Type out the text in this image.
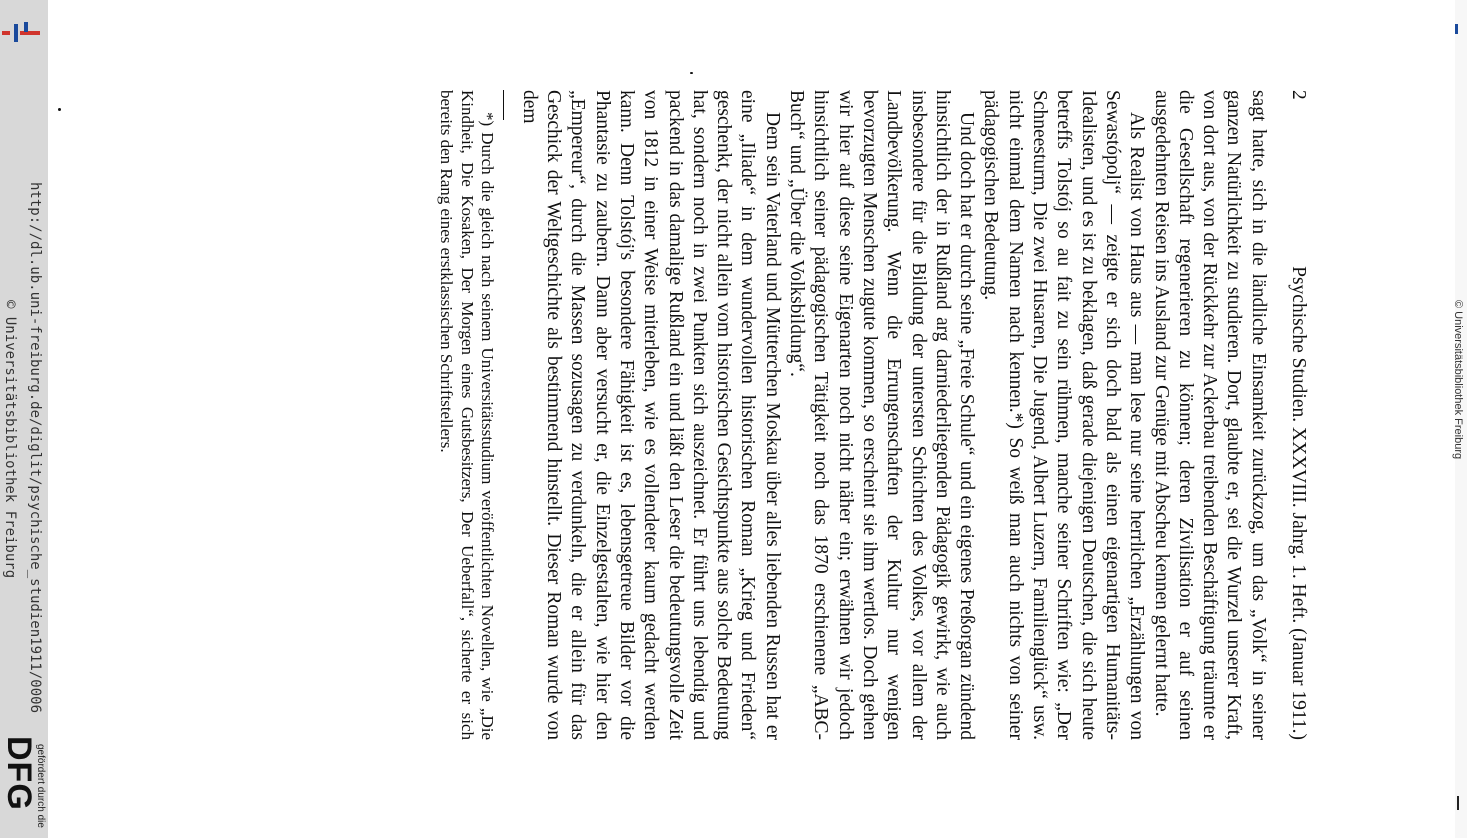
http://dl.ub.uni-freiburg.de/diglit/psychische_studien1911/0006
© Universitätsbibliothek Freiburg
gefördert durch die
DFG
© Universitätsbibliothek Freiburg
2
Psychische Studien. XXXVIII. Jahrg. 1. Heft. (Januar 1911.)

sagt hatte, sich in die ländliche Einsamkeit zurückzog, um das „Volk“ in seiner ganzen Natürlichkeit zu studieren. Dort, glaubte er, sei die Wurzel unserer Kraft, von dort aus, von der Rückkehr zur Ackerbau treibenden Beschäftigung träumte er die Gesellschaft regenerieren zu können; deren Zivilisation er auf seinen ausgedehnten Reisen ins Ausland zur Genüge mit Abscheu kennen gelernt hatte.

Als Realist von Haus aus — man lese nur seine herrlichen „Erzählungen von Sewastópolj“ — zeigte er sich doch bald als einen eigenartigen Humanitäts-Idealisten, und es ist zu beklagen, daß gerade diejenigen Deutschen, die sich heute betreffs Tolstój so au fait zu sein rühmen, manche seiner Schriften wie: „Der Schneesturm, Die zwei Husaren, Die Jugend, Albert Luzern, Familienglück“ usw. nicht einmal dem Namen nach kennen.*) So weiß man auch nichts von seiner pädagogischen Bedeutung.

Und doch hat er durch seine „Freie Schule“ und ein eigenes Preßorgan zündend hinsichtlich der in Rußland arg darniederliegenden Pädagogik gewirkt, wie auch insbesondere für die Bildung der untersten Schichten des Volkes, vor allem der Landbevölkerung. Wenn die Errungenschaften der Kultur nur wenigen bevorzugten Menschen zugute kommen, so erscheint sie ihm wertlos. Doch gehen wir hier auf diese seine Eigenarten noch nicht näher ein; erwähnen wir jedoch hinsichtlich seiner pädagogischen Tätigkeit noch das 1870 erschienene „ABC-Buch“ und „Über die Volksbildung“.

Dem sein Vaterland und Mütterchen Moskau über alles liebenden Russen hat er eine „Iliade“ in dem wundervollen historischen Roman „Krieg und Frieden“ geschenkt, der nicht allein vom historischen Gesichtspunkte aus solche Bedeutung hat, sondern noch in zwei Punkten sich auszeichnet. Er führt uns lebendig und packend in das damalige Rußland ein und läßt den Leser die bedeutungsvolle Zeit von 1812 in einer Weise miterleben, wie es vollendeter kaum gedacht werden kann. Denn Tolstój's besondere Fähigkeit ist es, lebensgetreue Bilder vor die Phantasie zu zaubern. Dann aber versucht er, die Einzelgestalten, wie hier den „Empereur“, durch die Massen sozusagen zu verdunkeln, die er allein für das Geschick der Weltgeschichte als bestimmend hinstellt. Dieser Roman wurde von dem

*) Durch die gleich nach seinem Universitätsstudium veröffentlichten Novellen, wie „Die Kindheit, Die Kosaken, Der Morgen eines Gutsbesitzers, Der Ueberfall“, sicherte er sich bereits den Rang eines erstklassischen Schriftstellers.
